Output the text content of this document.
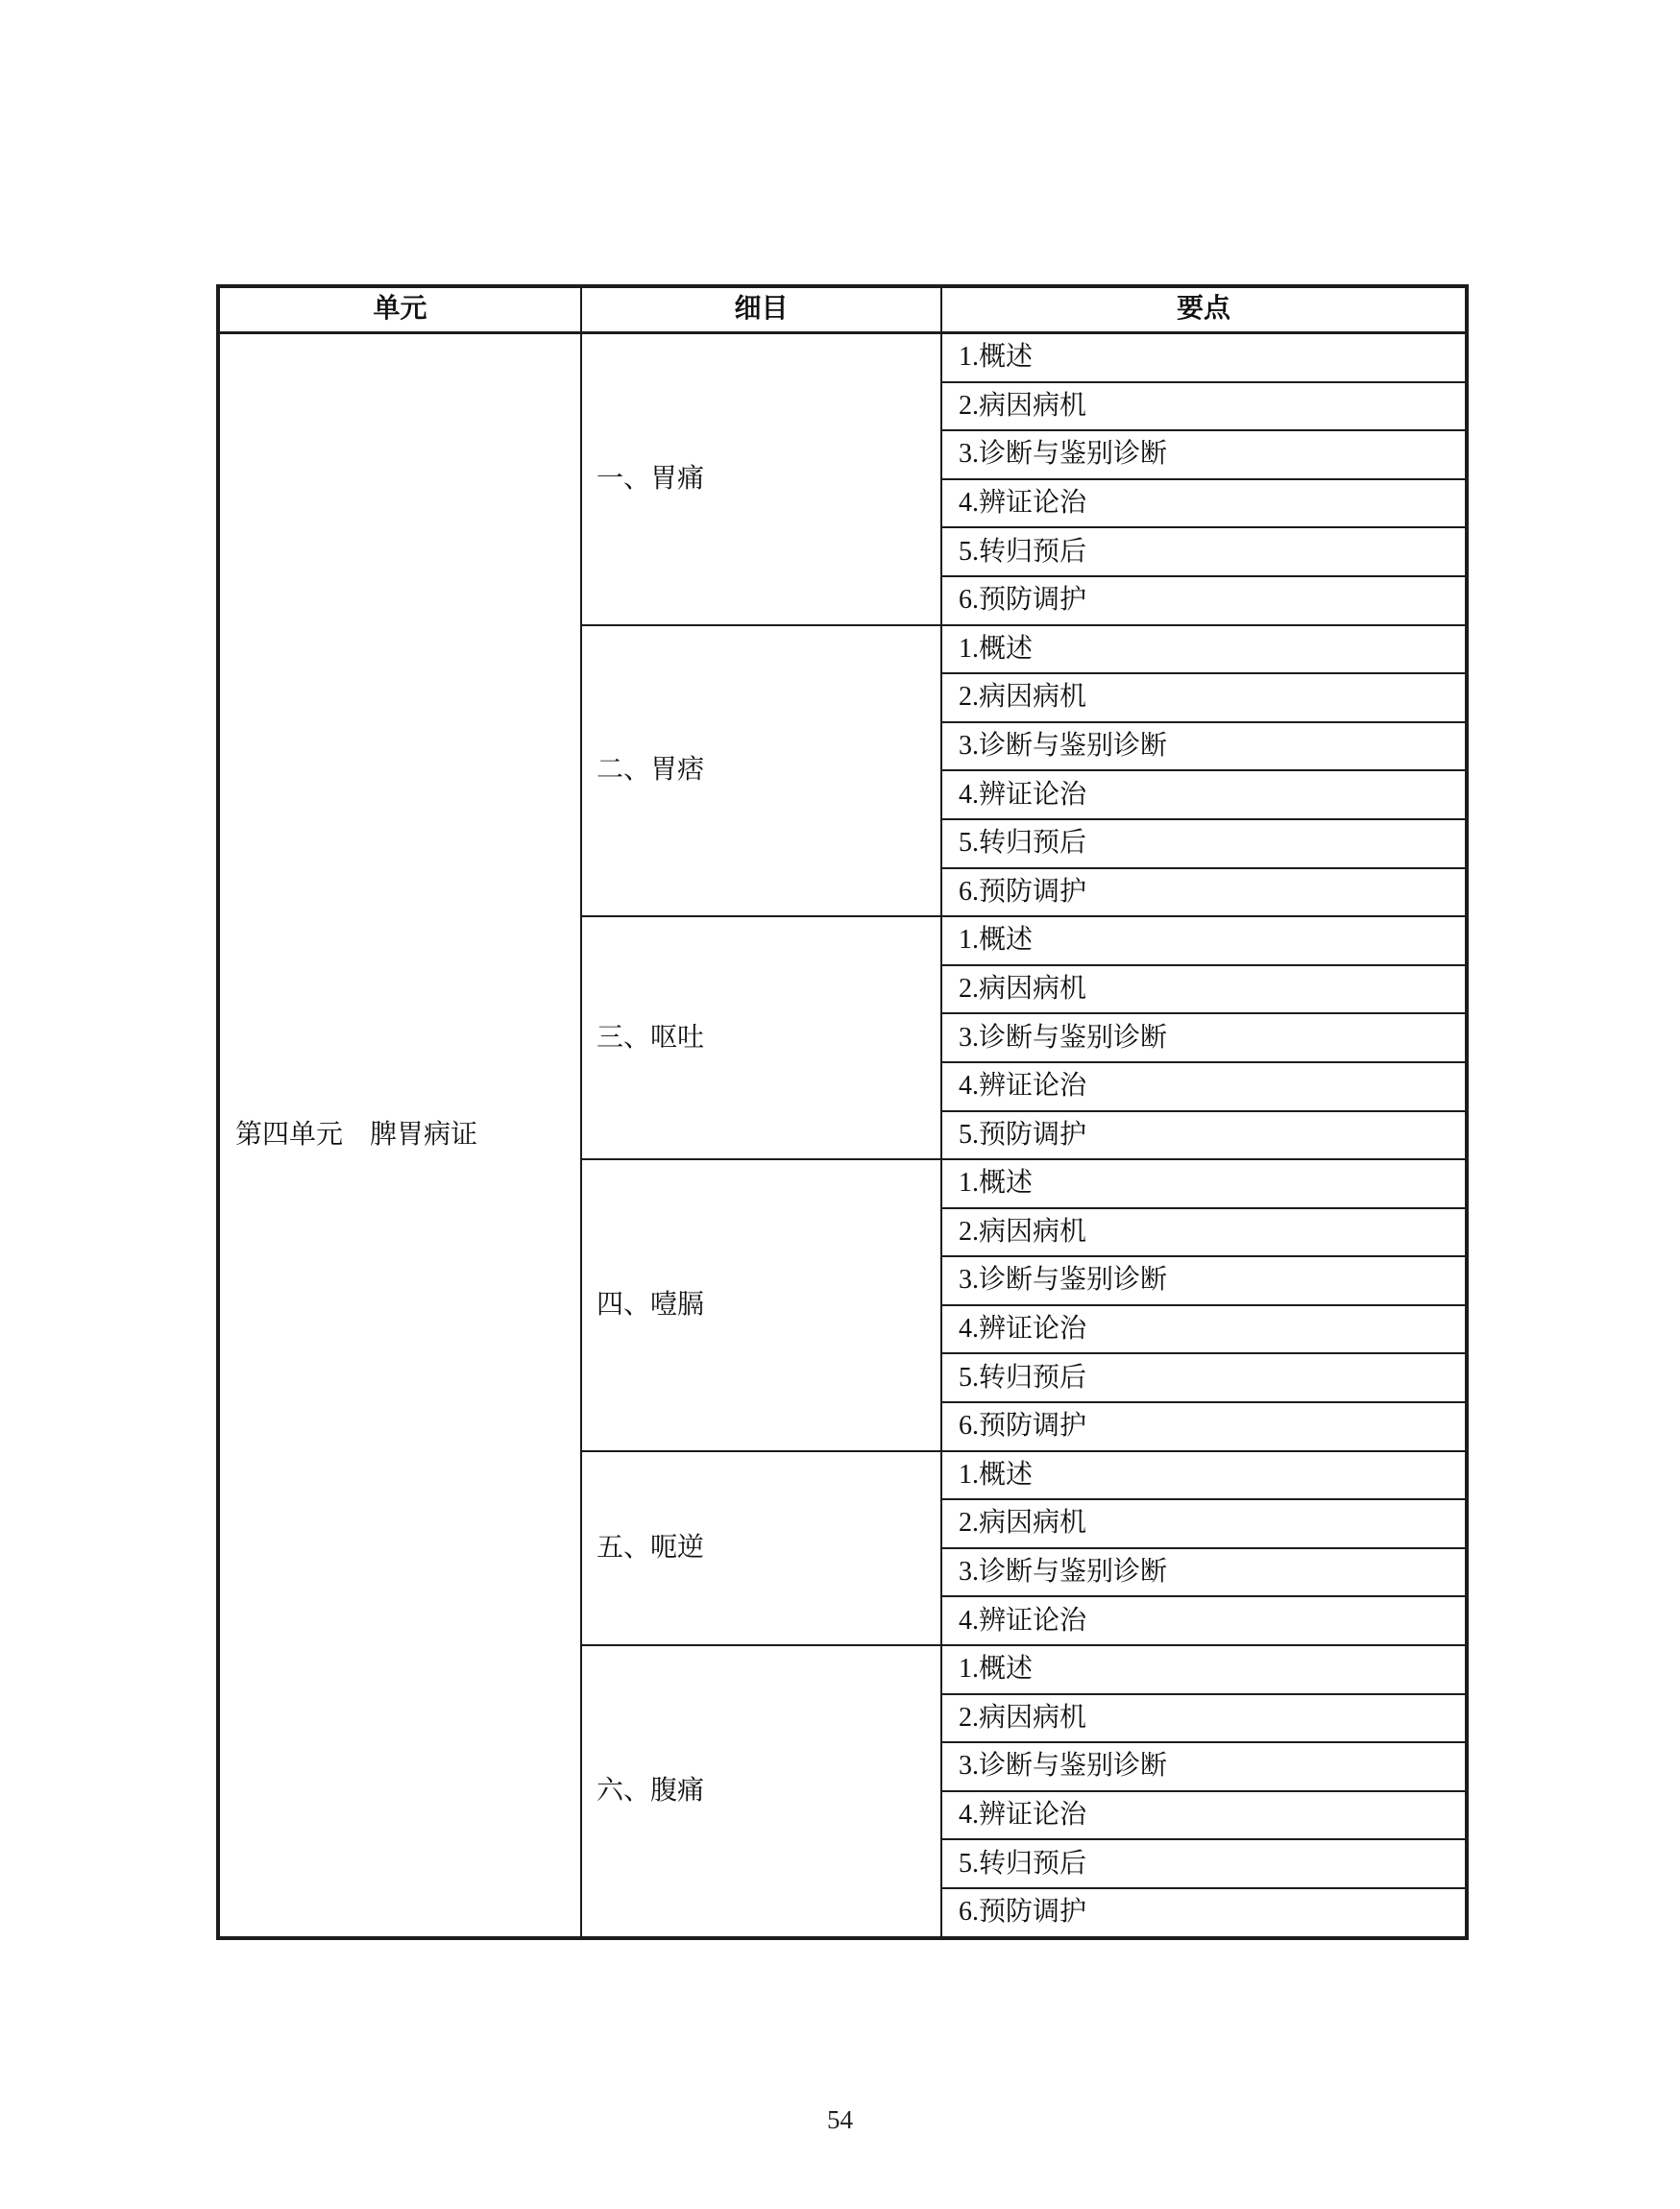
单元	细目	要点
第四单元　脾胃病证	一、胃痛	1.概述
		2.病因病机
		3.诊断与鉴别诊断
		4.辨证论治
		5.转归预后
		6.预防调护
	二、胃痞	1.概述
		2.病因病机
		3.诊断与鉴别诊断
		4.辨证论治
		5.转归预后
		6.预防调护
	三、呕吐	1.概述
		2.病因病机
		3.诊断与鉴别诊断
		4.辨证论治
		5.预防调护
	四、噎膈	1.概述
		2.病因病机
		3.诊断与鉴别诊断
		4.辨证论治
		5.转归预后
		6.预防调护
	五、呃逆	1.概述
		2.病因病机
		3.诊断与鉴别诊断
		4.辨证论治
	六、腹痛	1.概述
		2.病因病机
		3.诊断与鉴别诊断
		4.辨证论治
		5.转归预后
		6.预防调护
54
